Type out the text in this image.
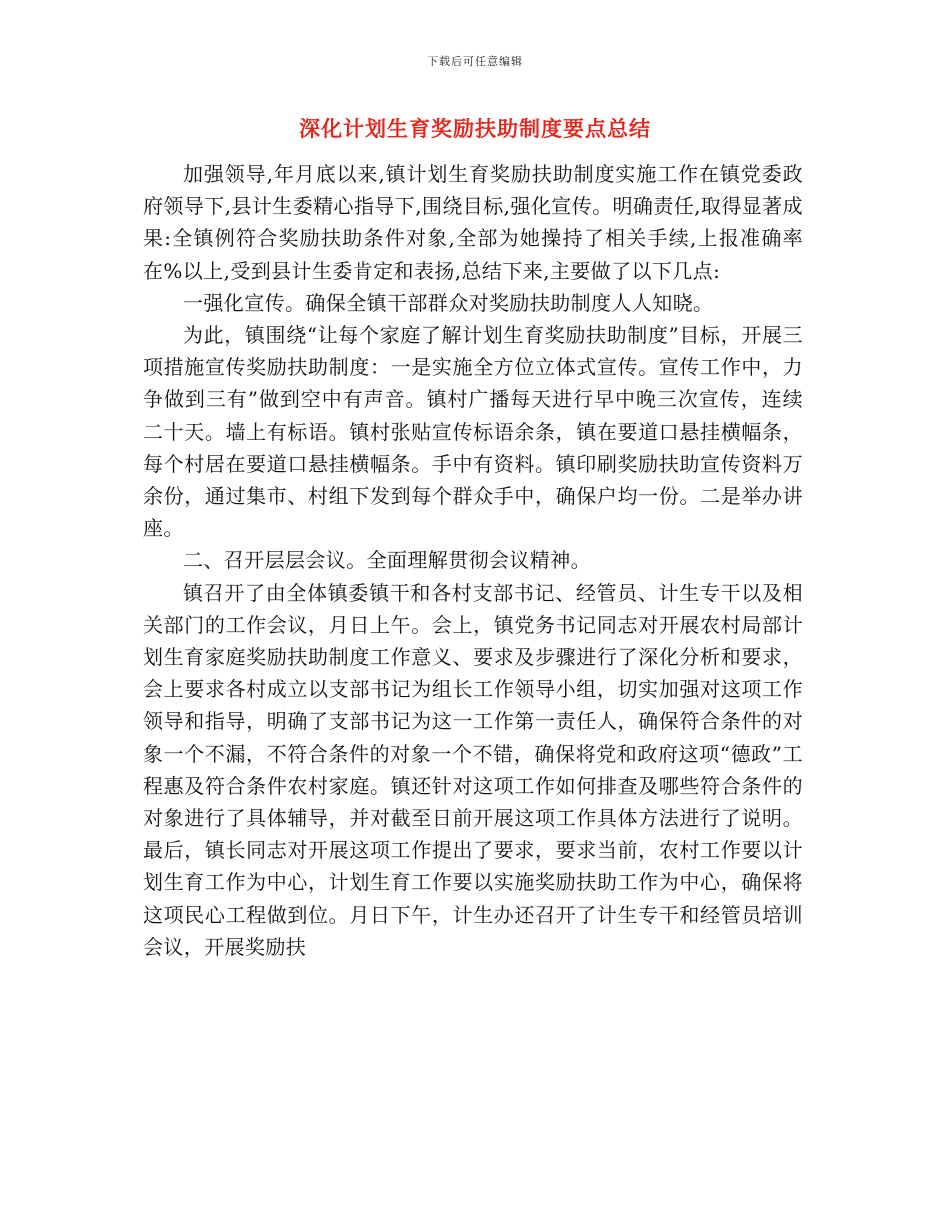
下载后可任意编辑
深化计划生育奖励扶助制度要点总结

加强领导,年月底以来,镇计划生育奖励扶助制度实施工作在镇党委政府领导下,县计生委精心指导下,围绕目标,强化宣传。明确责任,取得显著成果:全镇例符合奖励扶助条件对象,全部为她操持了相关手续,上报准确率在%以上,受到县计生委肯定和表扬,总结下来,主要做了以下几点:

一强化宣传。确保全镇干部群众对奖励扶助制度人人知晓。

为此，镇围绕“让每个家庭了解计划生育奖励扶助制度”目标，开展三项措施宣传奖励扶助制度：一是实施全方位立体式宣传。宣传工作中，力争做到三有”做到空中有声音。镇村广播每天进行早中晚三次宣传，连续二十天。墙上有标语。镇村张贴宣传标语余条，镇在要道口悬挂横幅条，每个村居在要道口悬挂横幅条。手中有资料。镇印刷奖励扶助宣传资料万余份，通过集市、村组下发到每个群众手中，确保户均一份。二是举办讲座。

二、召开层层会议。全面理解贯彻会议精神。

镇召开了由全体镇委镇干和各村支部书记、经管员、计生专干以及相关部门的工作会议，月日上午。会上，镇党务书记同志对开展农村局部计划生育家庭奖励扶助制度工作意义、要求及步骤进行了深化分析和要求，会上要求各村成立以支部书记为组长工作领导小组，切实加强对这项工作领导和指导，明确了支部书记为这一工作第一责任人，确保符合条件的对象一个不漏，不符合条件的对象一个不错，确保将党和政府这项“德政”工程惠及符合条件农村家庭。镇还针对这项工作如何排查及哪些符合条件的对象进行了具体辅导，并对截至日前开展这项工作具体方法进行了说明。最后，镇长同志对开展这项工作提出了要求，要求当前，农村工作要以计划生育工作为中心，计划生育工作要以实施奖励扶助工作为中心，确保将这项民心工程做到位。月日下午，计生办还召开了计生专干和经管员培训会议，开展奖励扶
